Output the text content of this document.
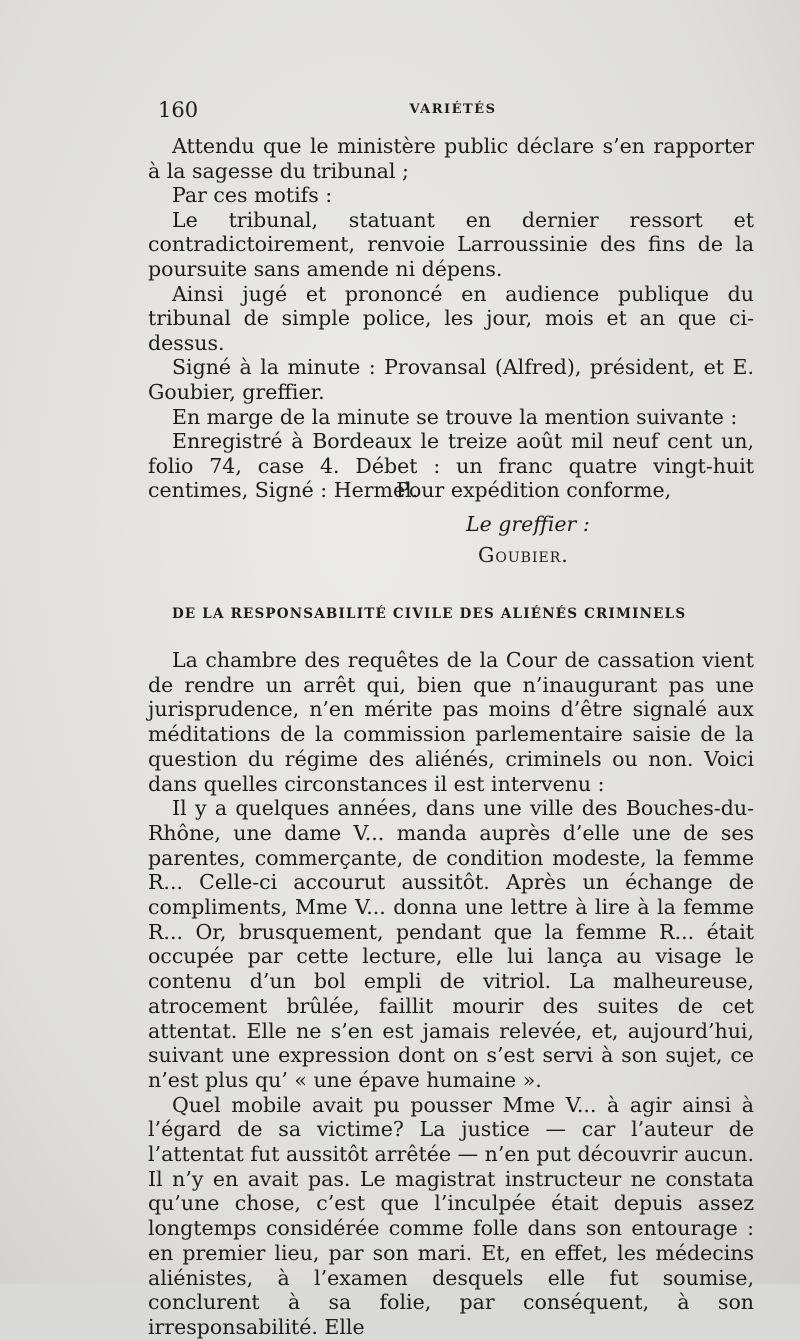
160	VARIÉTÉS

Attendu que le ministère public déclare s’en rapporter à la sagesse du tribunal ;

Par ces motifs :

Le tribunal, statuant en dernier ressort et contradictoirement, renvoie Larroussinie des fins de la poursuite sans amende ni dépens.

Ainsi jugé et prononcé en audience publique du tribunal de simple police, les jour, mois et an que ci-dessus.

Signé à la minute : Provansal (Alfred), président, et E. Goubier, greffier.

En marge de la minute se trouve la mention suivante :

Enregistré à Bordeaux le treize août mil neuf cent un, folio 74, case 4. Débet : un franc quatre vingt-huit centimes, Signé : Hermel.

Pour expédition conforme,
Le greffier :
Goubier.
DE LA RESPONSABILITÉ CIVILE DES ALIÉNÉS CRIMINELS

La chambre des requêtes de la Cour de cassation vient de rendre un arrêt qui, bien que n’inaugurant pas une jurisprudence, n’en mérite pas moins d’être signalé aux méditations de la commission parlementaire saisie de la question du régime des aliénés, criminels ou non. Voici dans quelles circonstances il est intervenu :

Il y a quelques années, dans une ville des Bouches-du-Rhône, une dame V... manda auprès d’elle une de ses parentes, commerçante, de condition modeste, la femme R... Celle-ci accourut aussitôt. Après un échange de compliments, Mme V... donna une lettre à lire à la femme R... Or, brusquement, pendant que la femme R... était occupée par cette lecture, elle lui lança au visage le contenu d’un bol empli de vitriol. La malheureuse, atrocement brûlée, faillit mourir des suites de cet attentat. Elle ne s’en est jamais relevée, et, aujourd’hui, suivant une expression dont on s’est servi à son sujet, ce n’est plus qu’ « une épave humaine ».

Quel mobile avait pu pousser Mme V... à agir ainsi à l’égard de sa victime? La justice — car l’auteur de l’attentat fut aussitôt arrêtée — n’en put découvrir aucun. Il n’y en avait pas. Le magistrat instructeur ne constata qu’une chose, c’est que l’inculpée était depuis assez longtemps considérée comme folle dans son entourage : en premier lieu, par son mari. Et, en effet, les médecins aliénistes, à l’examen desquels elle fut soumise, conclurent à sa folie, par conséquent, à son irresponsabilité. Elle
